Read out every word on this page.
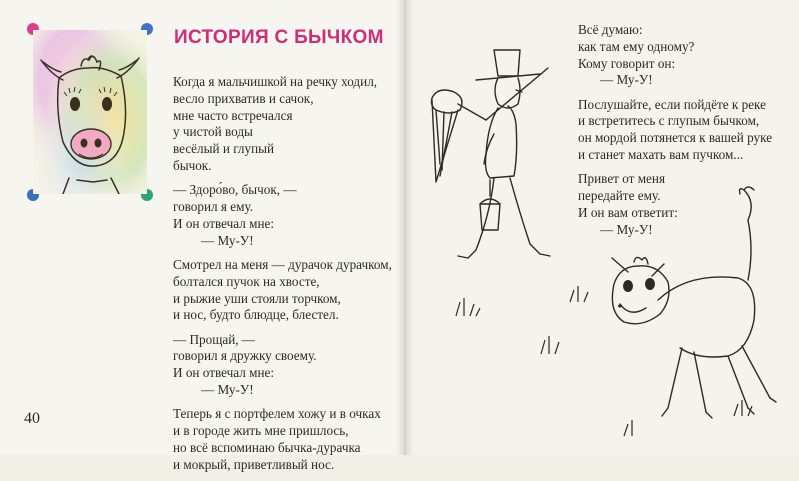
ИСТОРИЯ С БЫЧКОМ

Когда я мальчишкой на речку ходил,
весло прихватив и сачок,
мне часто встречался
у чистой воды
весёлый и глупый
бычок.

— Здоро́во, бычок, —
говорил я ему.
И он отвечал мне:
— Му-У!

Смотрел на меня — дурачок дурачком,
болтался пучок на хвосте,
и рыжие уши стояли торчком,
и нос, будто блюдце, блестел.

— Прощай, —
говорил я дружку своему.
И он отвечал мне:
— Му-У!

Теперь я с портфелем хожу и в очках
и в городе жить мне пришлось,
но всё вспоминаю бычка-дурачка
и мокрый, приветливый нос.

40

Всё думаю:
как там ему одному?
Кому говорит он:
— Му-У!

Послушайте, если пойдёте к реке
и встретитесь с глупым бычком,
он мордой потянется к вашей руке
и станет махать вам пучком...

Привет от меня
передайте ему.
И он вам ответит:
— Му-У!
